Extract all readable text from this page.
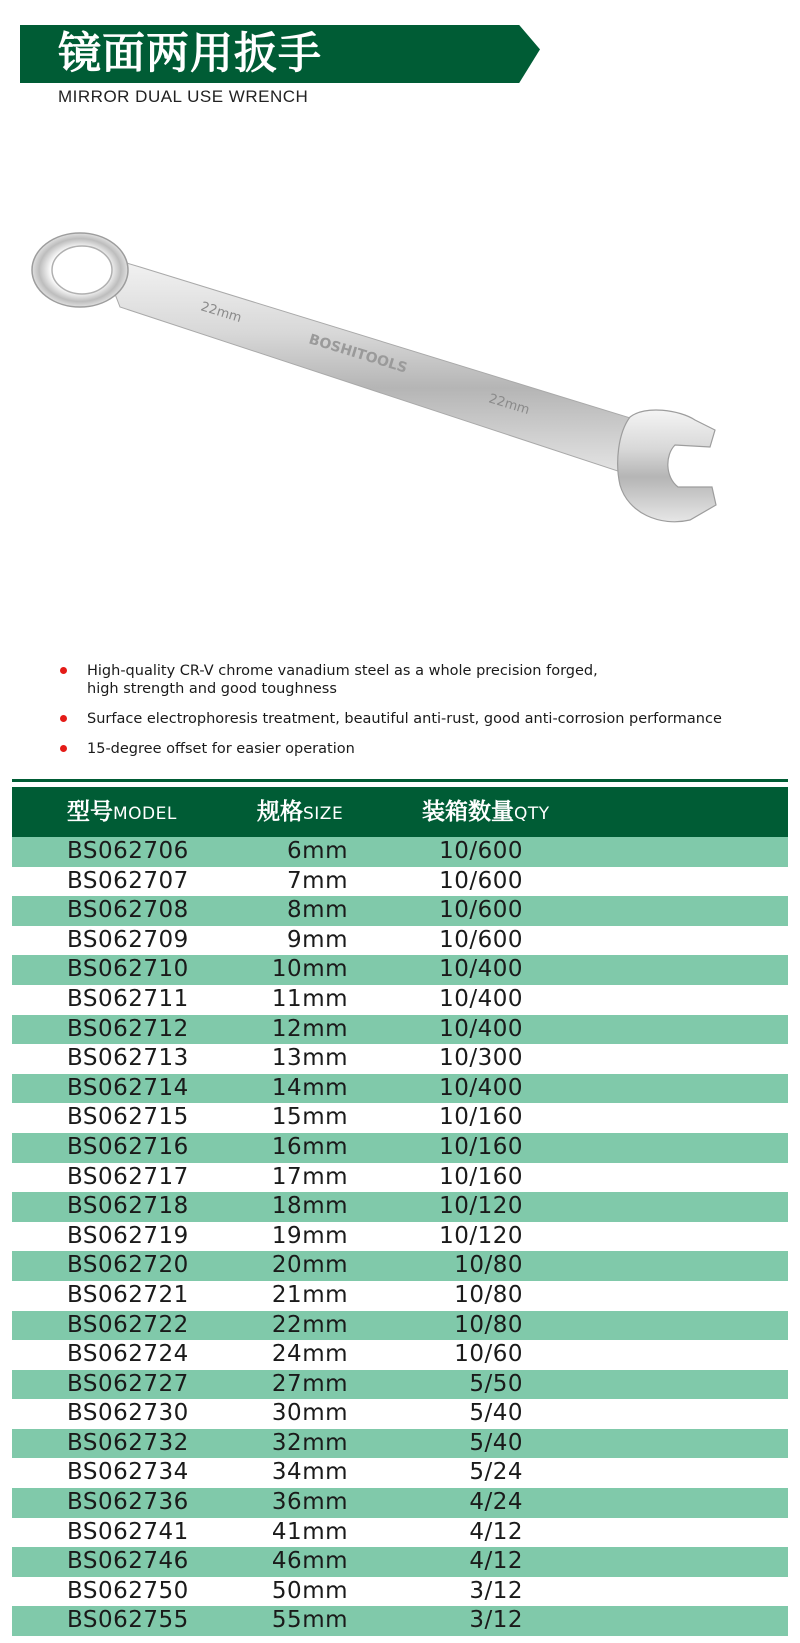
镜面两用扳手
MIRROR DUAL USE WRENCH
22mm
BOSHITOOLS
22mm
High-quality CR-V chrome vanadium steel as a whole precision forged,
high strength and good toughness
Surface electrophoresis treatment, beautiful anti-rust, good anti-corrosion performance
15-degree offset for easier operation
型号MODEL	规格SIZE	装箱数量QTY
BS062706	6mm	10/600
BS062707	7mm	10/600
BS062708	8mm	10/600
BS062709	9mm	10/600
BS062710	10mm	10/400
BS062711	11mm	10/400
BS062712	12mm	10/400
BS062713	13mm	10/300
BS062714	14mm	10/400
BS062715	15mm	10/160
BS062716	16mm	10/160
BS062717	17mm	10/160
BS062718	18mm	10/120
BS062719	19mm	10/120
BS062720	20mm	10/80
BS062721	21mm	10/80
BS062722	22mm	10/80
BS062724	24mm	10/60
BS062727	27mm	5/50
BS062730	30mm	5/40
BS062732	32mm	5/40
BS062734	34mm	5/24
BS062736	36mm	4/24
BS062741	41mm	4/12
BS062746	46mm	4/12
BS062750	50mm	3/12
BS062755	55mm	3/12
